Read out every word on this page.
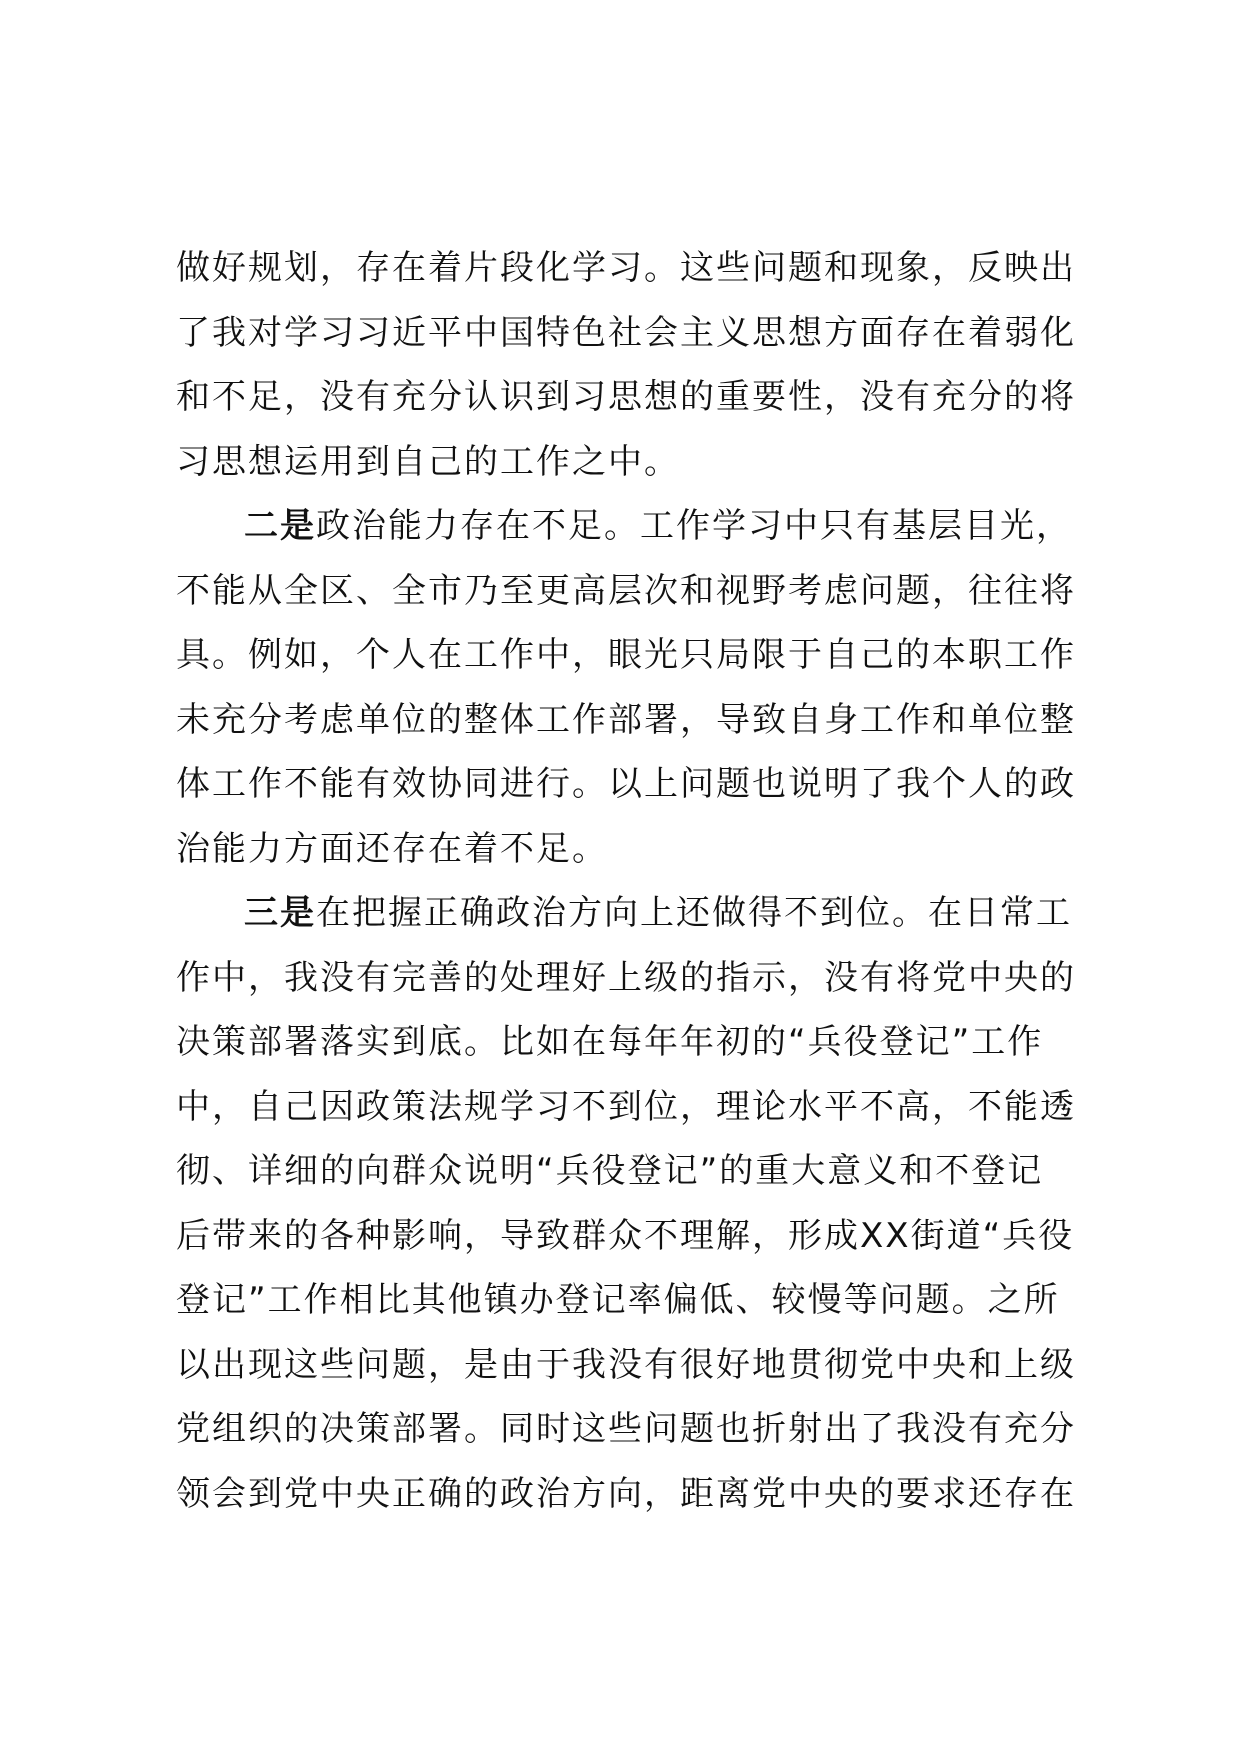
做好规划，存在着片段化学习。这些问题和现象，反映出
了我对学习习近平中国特色社会主义思想方面存在着弱化
和不足，没有充分认识到习思想的重要性，没有充分的将
习思想运用到自己的工作之中。
二是政治能力存在不足。工作学习中只有基层目光，
不能从全区、全市乃至更高层次和视野考虑问题，往往将
具。例如，个人在工作中，眼光只局限于自己的本职工作
未充分考虑单位的整体工作部署，导致自身工作和单位整
体工作不能有效协同进行。以上问题也说明了我个人的政
治能力方面还存在着不足。
三是在把握正确政治方向上还做得不到位。在日常工
作中，我没有完善的处理好上级的指示，没有将党中央的
决策部署落实到底。比如在每年年初的“兵役登记”工作
中，自己因政策法规学习不到位，理论水平不高，不能透
彻、详细的向群众说明“兵役登记”的重大意义和不登记
后带来的各种影响，导致群众不理解，形成XX街道“兵役
登记”工作相比其他镇办登记率偏低、较慢等问题。之所
以出现这些问题，是由于我没有很好地贯彻党中央和上级
党组织的决策部署。同时这些问题也折射出了我没有充分
领会到党中央正确的政治方向，距离党中央的要求还存在
